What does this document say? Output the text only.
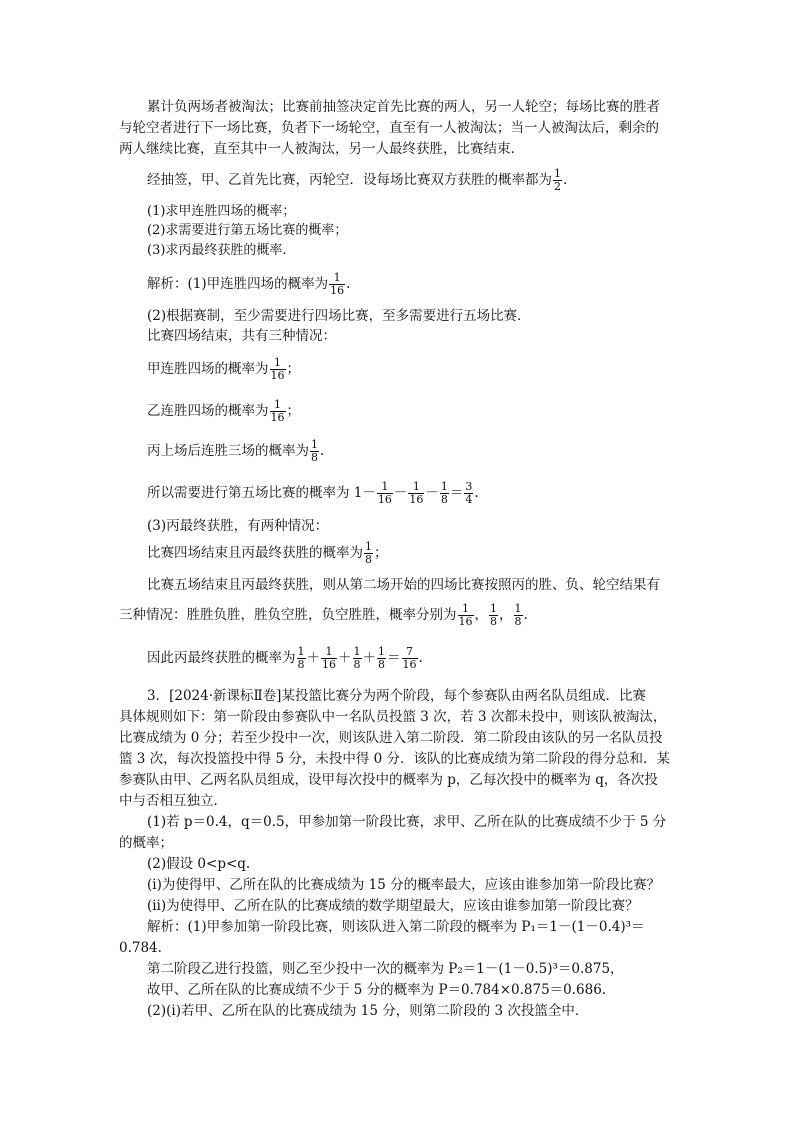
累计负两场者被淘汰；比赛前抽签决定首先比赛的两人，另一人轮空；每场比赛的胜者
与轮空者进行下一场比赛，负者下一场轮空，直至有一人被淘汰；当一人被淘汰后，剩余的
两人继续比赛，直至其中一人被淘汰，另一人最终获胜，比赛结束.
经抽签，甲、乙首先比赛，丙轮空．设每场比赛双方获胜的概率都为 $\frac{1}{2}$ .
(1)求甲连胜四场的概率；
(2)求需要进行第五场比赛的概率；
(3)求丙最终获胜的概率.
解析：(1)甲连胜四场的概率为 $\frac{1}{16}$ .
(2)根据赛制，至少需要进行四场比赛，至多需要进行五场比赛．
比赛四场结束，共有三种情况：
甲连胜四场的概率为 $\frac{1}{16}$ ；
乙连胜四场的概率为 $\frac{1}{16}$ ；
丙上场后连胜三场的概率为 $\frac{1}{8}$ .
所以需要进行第五场比赛的概率为 $1- \frac{1}{16} - \frac{1}{16} - \frac{1}{8} = \frac{3}{4}$ .
(3)丙最终获胜，有两种情况：
比赛四场结束且丙最终获胜的概率为 $\frac{1}{8}$ ；
比赛五场结束且丙最终获胜，则从第二场开始的四场比赛按照丙的胜、负、轮空结果有
三种情况：胜胜负胜，胜负空胜，负空胜胜，概率分别为 $\frac{1}{16}$ ， $\frac{1}{8}$ ， $\frac{1}{8}$ .
因此丙最终获胜的概率为 $\frac{1}{8} + \frac{1}{16} + \frac{1}{8} + \frac{1}{8} = \frac{7}{16}$ .
3．[2024·新课标Ⅱ卷]某投篮比赛分为两个阶段，每个参赛队由两名队员组成．比赛
具体规则如下：第一阶段由参赛队中一名队员投篮 3 次，若 3 次都未投中，则该队被淘汰，
比赛成绩为 0 分；若至少投中一次，则该队进入第二阶段．第二阶段由该队的另一名队员投
篮 3 次，每次投篮投中得 5 分，未投中得 0 分．该队的比赛成绩为第二阶段的得分总和．某
参赛队由甲、乙两名队员组成，设甲每次投中的概率为 p，乙每次投中的概率为 q，各次投
中与否相互独立．
(1)若 p＝0.4，q＝0.5，甲参加第一阶段比赛，求甲、乙所在队的比赛成绩不少于 5 分
的概率；
(2)假设 0<p<q.
(ⅰ)为使得甲、乙所在队的比赛成绩为 15 分的概率最大，应该由谁参加第一阶段比赛？
(ⅱ)为使得甲、乙所在队的比赛成绩的数学期望最大，应该由谁参加第一阶段比赛？
解析：(1)甲参加第一阶段比赛，则该队进入第二阶段的概率为 P₁＝1－(1－0.4)³＝
0.784.
第二阶段乙进行投篮，则乙至少投中一次的概率为 P₂＝1－(1－0.5)³＝0.875，
故甲、乙所在队的比赛成绩不少于 5 分的概率为 P＝0.784×0.875＝0.686.
(2)(ⅰ)若甲、乙所在队的比赛成绩为 15 分，则第二阶段的 3 次投篮全中．
